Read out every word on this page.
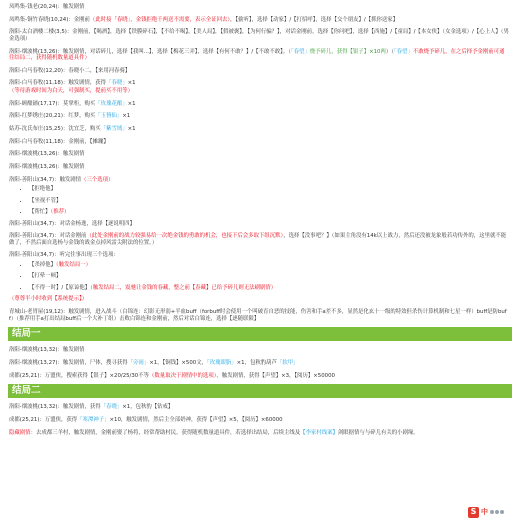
凤鸣集-钱老(20,24)：触发剧情

凤鸣集-铜竹春晓(10,24)：金刚前（此时接「春晓」，金钱拒绝千两送不需要，表示全证回去），【偷听】，选择【动家】/【打招呼】，选择【交个朋友】/【抓你送家】

洛阳-太白酒楼二楼(3,5)：金刚前，【喝酒】，选择【铁膜碎石】，【不给不喝】，【美人局】，【假被褒】，【为何行骗？】，对话金刚前，选择【你问吧】，选择【西施】/【童局】/【本女侠】（女金选项）/【心上人】（男金选项）

洛阳-烟波桃(13,26)：触发剧情，对话碎儿，选择【我叫...】，选择【梅花三弄】，选择【有何不敢？】/【不敢不敢】。（「春望」烧予碎儿，获得【银子】×10两）（「春望」不敢烧予碎儿，在之后择予金刚前可通往结局二，获得随机数量道具件）

洛阳-白马春牧(12,20)：春晓小二，【来用河春骑】

洛阳-白马春牧(11,18)：触发剧情，获得「春晓」×1

（等待游戏时间为白天，可强制买，提前买不用等）

洛阳-顾酿铺(17,17)：莫掌柜，购买「玫瑰花酿」×1

洛阳-红梦绣庄(20,21)：红梦，购买「玉簪仙」×1

姑苏-沈氏布庄(15,25)：沈宜芝，购买「紫雪绒」×1

洛阳-白马春牧(11,18)：金刚前，【摊蹦】

洛阳-烟波桃(13,26)：触发剧情

洛阳-烟波桃(13,26)：触发剧情

洛阳-善阳山(34,7)：触发剧情（三个选项）

• 【拒绝他】
• 【坐视不管】
• 【帮忙】（推荐）

洛阳-善阳山(34,7)：对话金杨逸，选择【逐说明四】

洛阳-善阳山(34,7)：对话金刚前（此处金刚前的战力较强易给一次绝金钱的勇敢的机会，也接下后会多取下组沉默），选择【没事吧？】（如果主角没有14k以上战力，然后还没被龙象般若功传外的，这里就不能做了，不然后面自选杨与金钱的战金点掉风雷尖附法的位置。）

洛阳-善阳山(34,7)：听完往事出现三个选项：

• 【杀掉他】（触发结局一）
• 【打晕一顿】
• 【不得一时】/【原谅他】（触发结局二，震驰让金钱的春藏，整之前【春藏】已给予碎儿则无法刷剧情）

（尊尊半小时收到【系统提示】）

青城山-老胃屋(19,12)：触发剧情，进入战斗（白锦连：幻影无形弱+半血buff（forbuff时会使用一个叫破育自恶的技能，伤害和手a差不多，显然是化玄十一级的特效但杀伤计算机制和七星一样）buff是防buff）（推荐用手a打出结局buff后一个大补丁组）击败白锦连和金刚前，然后对话白锦连，选择【逐随联限】

结局一

洛阳-烟波桃(13,32)：触发剧情

洛阳-烟波桃(13,27)：触发剧情，尸体，搜寻获得「旁雨」×1，【铜钱】×500文，「玫瑰眼脂」×1，包秋豹葫芦「软甲」

成都(25,21)：万盟侠，搜索获得【银子】×20/25/30不等（数量取决于剧情中的选项），触发剧情，获得【声望】×3，【阅历】×50000

结局二

洛阳-烟波桃(13,32)：触发剧情，获得「春晓」×1，包秋豹【钻戒】

成都(25,21)：万盟侠，获得「寒潭神子」×10，触发剧情，然后主全部奶神，获得【声望】×5，【阅历】×60000

隐藏剧情：去成都三羊村，触发剧情，金刚前娶了杨将，经常帮助村民，获得随机数量道具件，若选择出结局，后续主线及【李家村线案】剑眼据情与与碎儿有关的小剧缘。

S 中
